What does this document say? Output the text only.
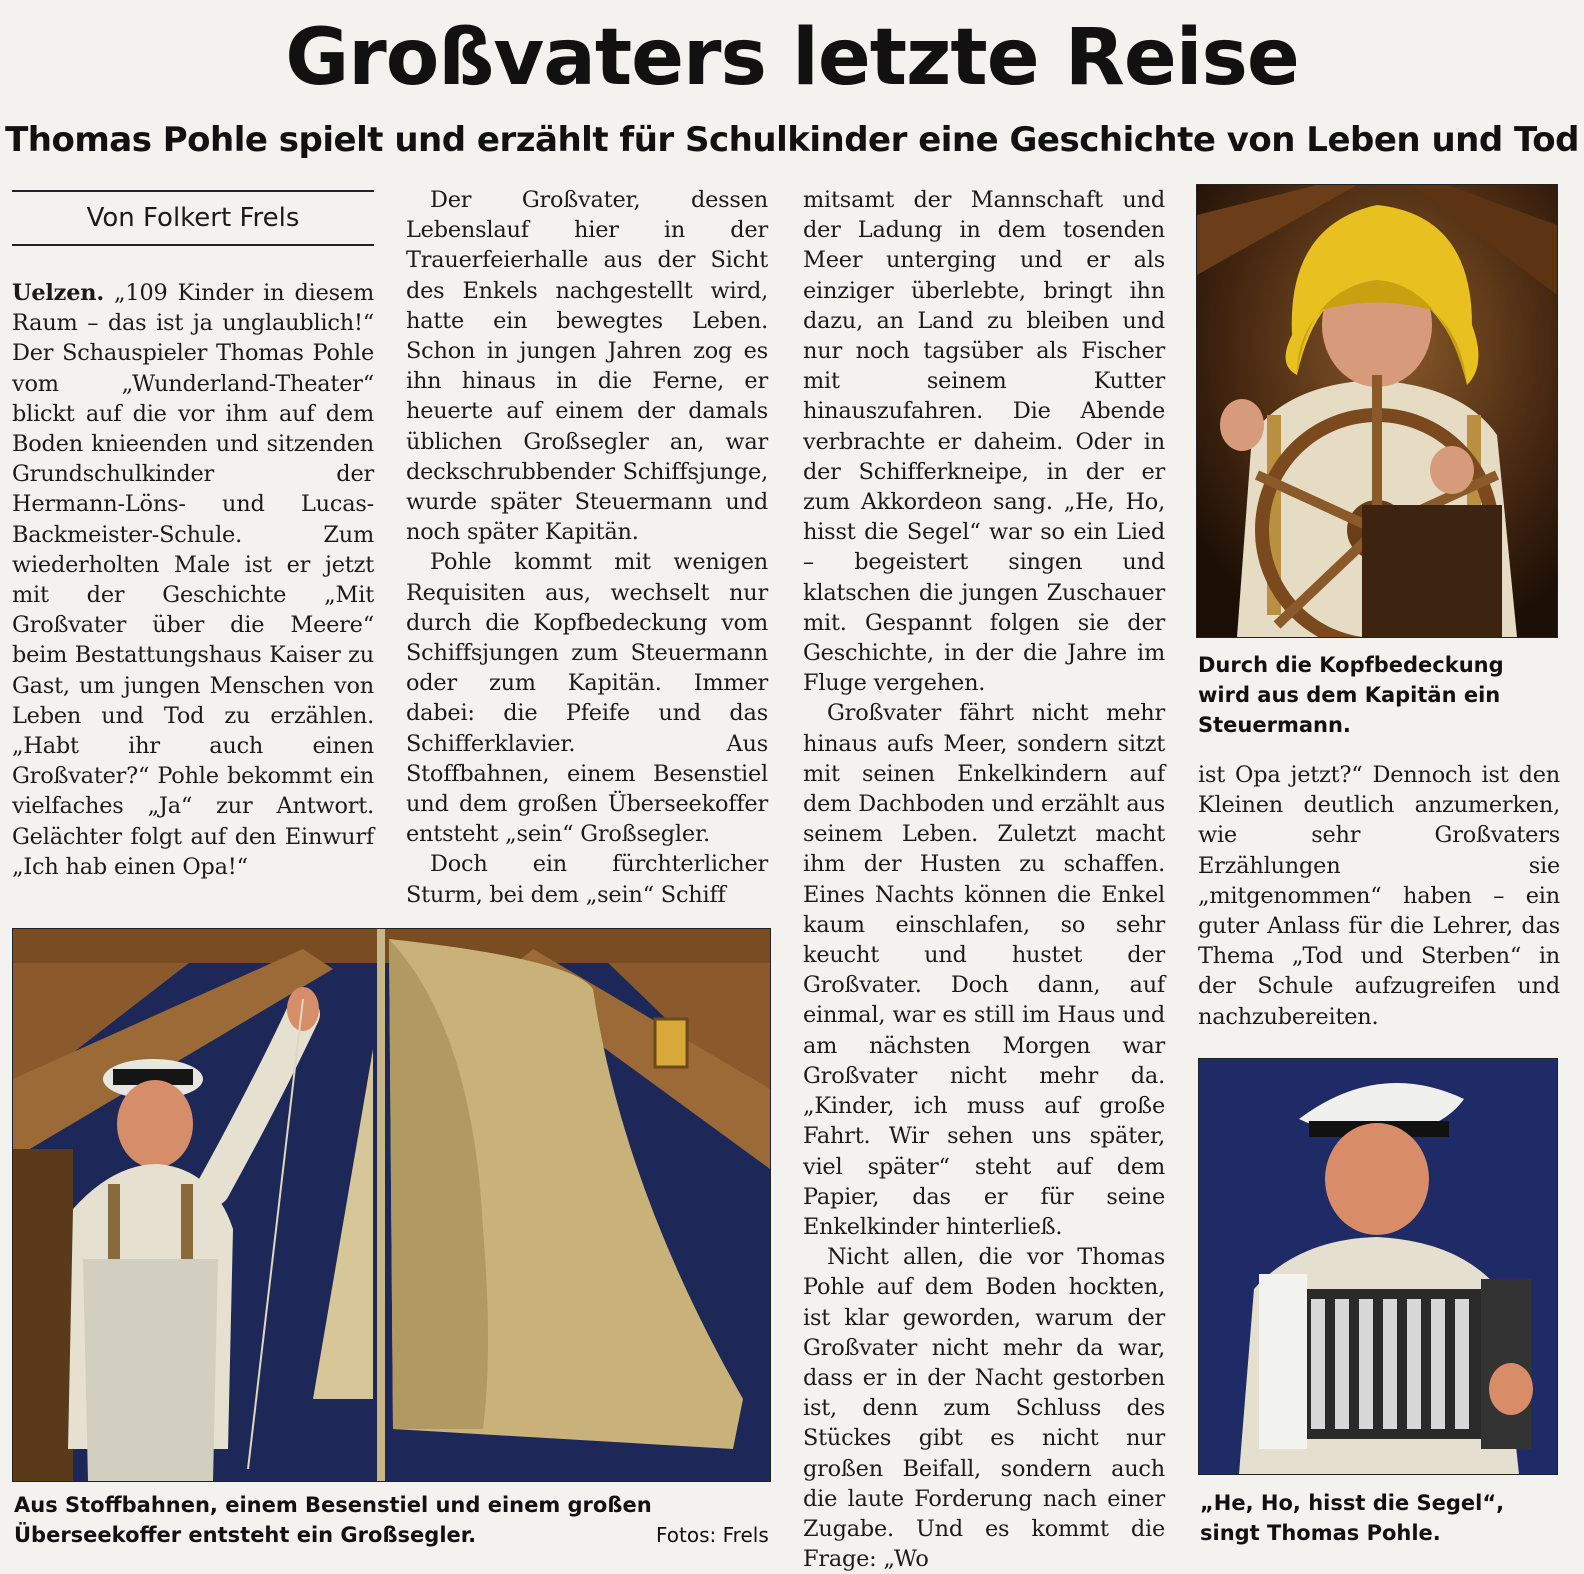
Großvaters letzte Reise
Thomas Pohle spielt und erzählt für Schulkinder eine Geschichte von Leben und Tod
Von Folkert Frels

Uelzen. „109 Kinder in diesem Raum – das ist ja unglaublich!“ Der Schauspieler Thomas Pohle vom „Wunderland-Theater“ blickt auf die vor ihm auf dem Boden knieenden und sitzenden Grundschulkinder der Hermann-Löns- und Lucas-Backmeister-Schule. Zum wiederholten Male ist er jetzt mit der Geschichte „Mit Großvater über die Meere“ beim Bestattungshaus Kaiser zu Gast, um jungen Menschen von Leben und Tod zu erzählen. „Habt ihr auch einen Großvater?“ Pohle bekommt ein vielfaches „Ja“ zur Antwort. Gelächter folgt auf den Einwurf „Ich hab einen Opa!“

Der Großvater, dessen Lebenslauf hier in der Trauerfeierhalle aus der Sicht des Enkels nachgestellt wird, hatte ein bewegtes Leben. Schon in jungen Jahren zog es ihn hinaus in die Ferne, er heuerte auf einem der damals üblichen Großsegler an, war deckschrubbender Schiffsjunge, wurde später Steuermann und noch später Kapitän.

Pohle kommt mit wenigen Requisiten aus, wechselt nur durch die Kopfbedeckung vom Schiffsjungen zum Steuermann oder zum Kapitän. Immer dabei: die Pfeife und das Schifferklavier. Aus Stoffbahnen, einem Besenstiel und dem großen Überseekoffer entsteht „sein“ Großsegler.

Doch ein fürchterlicher Sturm, bei dem „sein“ Schiff

mitsamt der Mannschaft und der Ladung in dem tosenden Meer unterging und er als einziger überlebte, bringt ihn dazu, an Land zu bleiben und nur noch tagsüber als Fischer mit seinem Kutter hinauszufahren. Die Abende verbrachte er daheim. Oder in der Schifferkneipe, in der er zum Akkordeon sang. „He, Ho, hisst die Segel“ war so ein Lied – begeistert singen und klatschen die jungen Zuschauer mit. Gespannt folgen sie der Geschichte, in der die Jahre im Fluge vergehen.

Großvater fährt nicht mehr hinaus aufs Meer, sondern sitzt mit seinen Enkelkindern auf dem Dachboden und erzählt aus seinem Leben. Zuletzt macht ihm der Husten zu schaffen. Eines Nachts können die Enkel kaum einschlafen, so sehr keucht und hustet der Großvater. Doch dann, auf einmal, war es still im Haus und am nächsten Morgen war Großvater nicht mehr da. „Kinder, ich muss auf große Fahrt. Wir sehen uns später, viel später“ steht auf dem Papier, das er für seine Enkelkinder hinterließ.

Nicht allen, die vor Thomas Pohle auf dem Boden hockten, ist klar geworden, warum der Großvater nicht mehr da war, dass er in der Nacht gestorben ist, denn zum Schluss des Stückes gibt es nicht nur großen Beifall, sondern auch die laute Forderung nach einer Zugabe. Und es kommt die Frage: „Wo

ist Opa jetzt?“ Dennoch ist den Kleinen deutlich anzumerken, wie sehr Großvaters Erzählungen sie „mitgenommen“ haben – ein guter Anlass für die Lehrer, das Thema „Tod und Sterben“ in der Schule aufzugreifen und nachzubereiten.

Durch die Kopfbedeckung wird aus dem Kapitän ein Steuermann.

Aus Stoffbahnen, einem Besenstiel und einem großen Überseekoffer entsteht ein Großsegler.	Fotos: Frels

„He, Ho, hisst die Segel“, singt Thomas Pohle.
